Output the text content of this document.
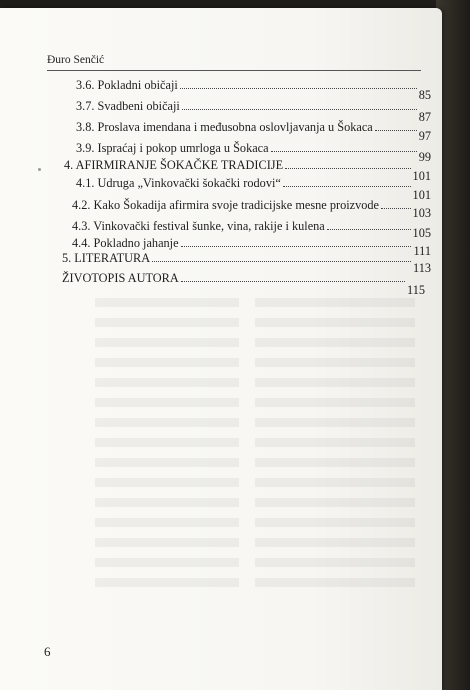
Đuro Senčić
3.6. Pokladni običaji
85
3.7. Svadbeni običaji
87
3.8. Proslava imendana i međusobna oslovljavanja u Šokaca
97
3.9. Ispraćaj i pokop umrloga u Šokaca
99
4. AFIRMIRANJE ŠOKAČKE TRADICIJE
101
4.1. Udruga „Vinkovački šokački rodovi“
101
4.2. Kako Šokadija afirmira svoje tradicijske mesne proizvode
103
4.3. Vinkovački festival šunke, vina, rakije i kulena	105
4.4. Pokladno jahanje
111
5. LITERATURA
113
ŽIVOTOPIS AUTORA
115
6
